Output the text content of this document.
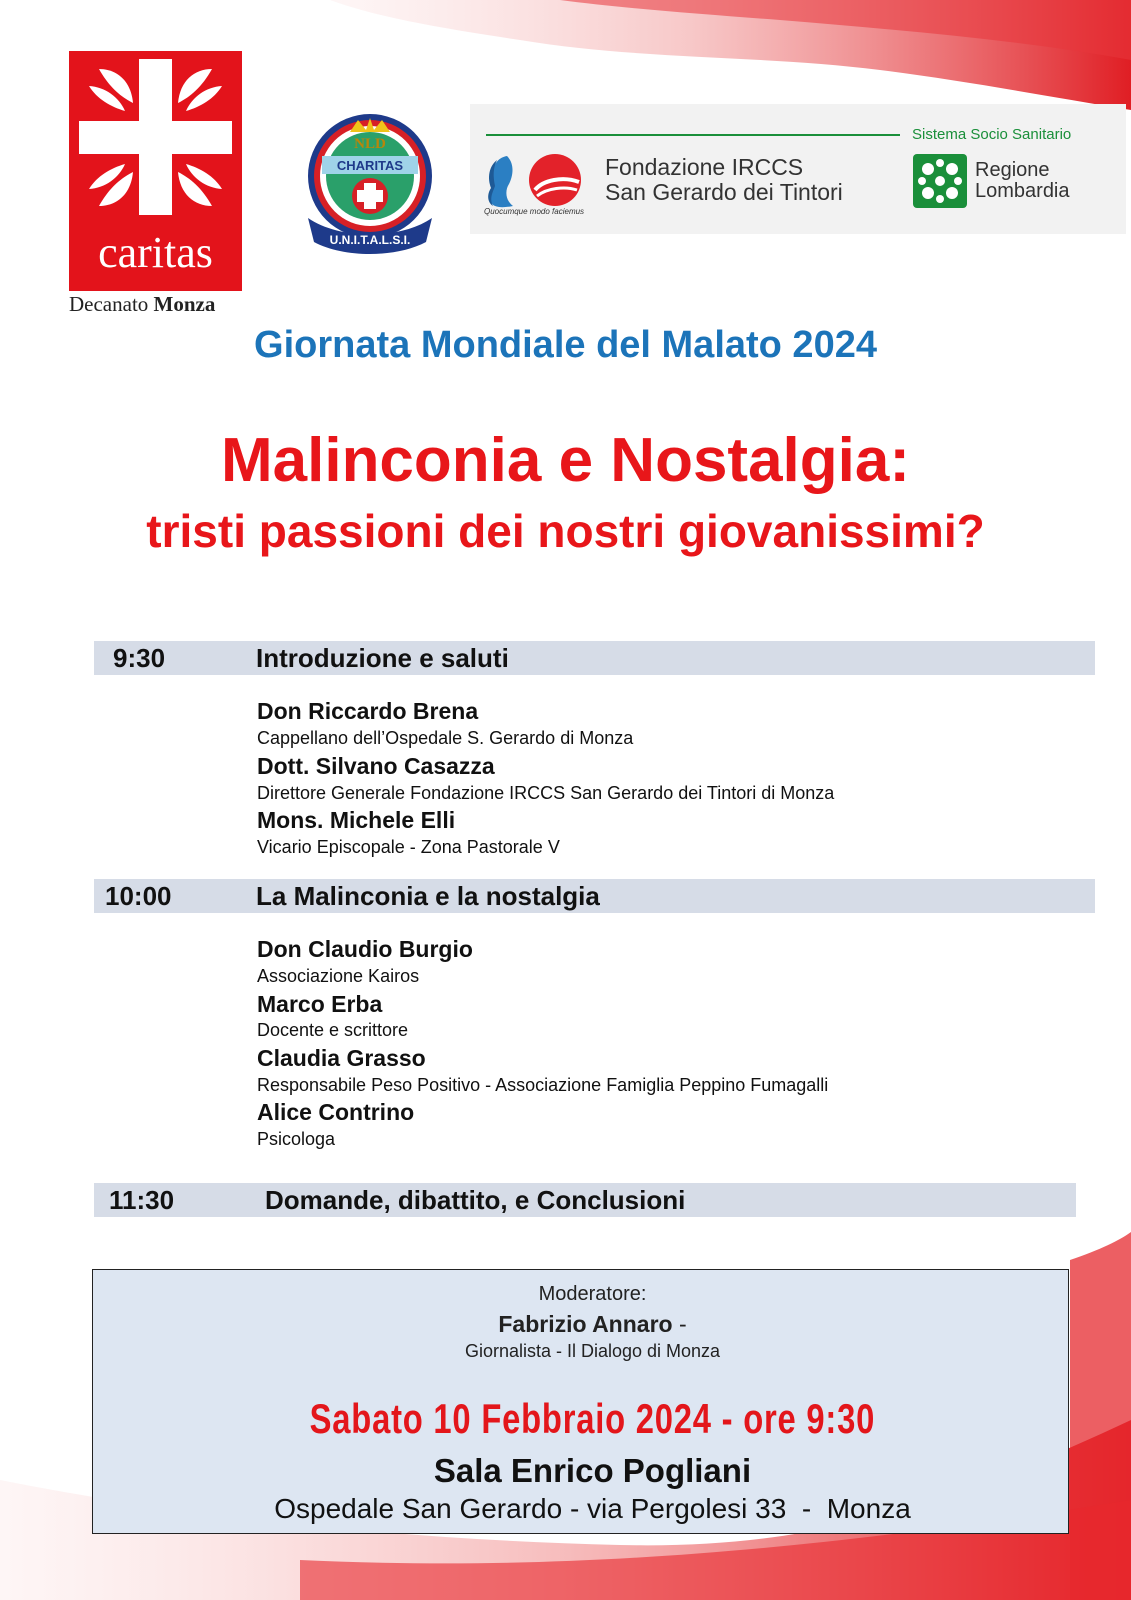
caritas
Decanato Monza
CHARITAS
NLD
U.N.I.T.A.L.S.I.
Sistema Socio Sanitario
Quocumque modo faciemus
Fondazione IRCCS
San Gerardo dei Tintori
Regione
Lombardia
Giornata Mondiale del Malato 2024
Malinconia e Nostalgia:
tristi passioni dei nostri giovanissimi?
9:30	Introduzione e saluti
Don Riccardo Brena
Cappellano dell’Ospedale S. Gerardo di Monza
Dott. Silvano Casazza
Direttore Generale Fondazione IRCCS San Gerardo dei Tintori di Monza
Mons. Michele Elli
Vicario Episcopale - Zona Pastorale V
10:00	La Malinconia e la nostalgia
Don Claudio Burgio
Associazione Kairos
Marco Erba
Docente e scrittore
Claudia Grasso
Responsabile Peso Positivo - Associazione Famiglia Peppino Fumagalli
Alice Contrino
Psicologa
11:30	Domande, dibattito, e Conclusioni
Moderatore:
Fabrizio Annaro -
Giornalista - Il Dialogo di Monza
Sabato 10 Febbraio 2024 - ore 9:30
Sala Enrico Pogliani
Ospedale San Gerardo - via Pergolesi 33  -  Monza
